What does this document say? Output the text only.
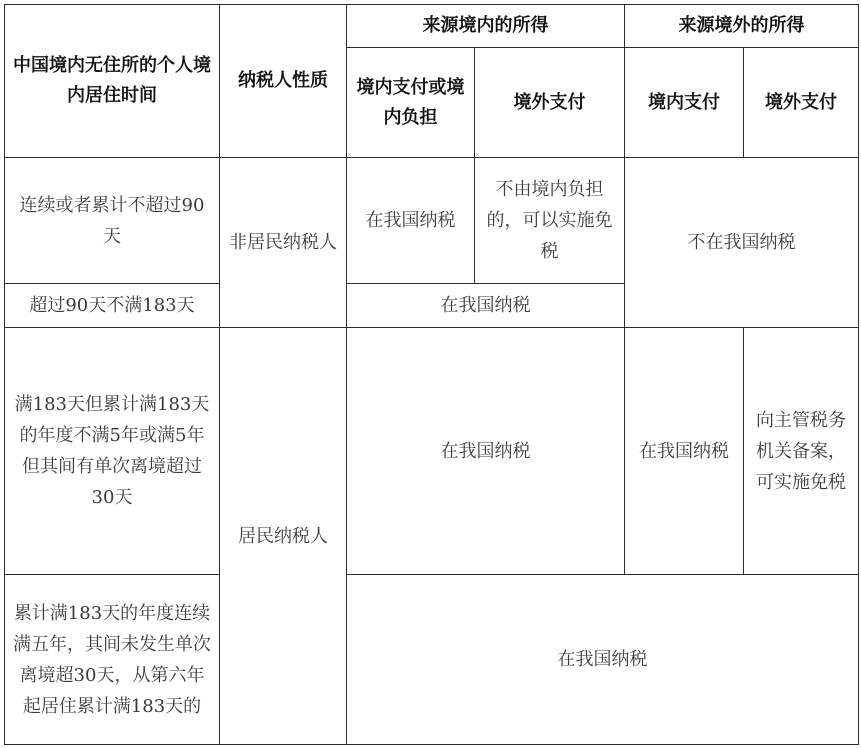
中国境内无住所的个人境内居住时间	纳税人性质	来源境内的所得		来源境外的所得	
		境内支付或境内负担	境外支付	境内支付	境外支付
连续或者累计不超过90天	非居民纳税人	在我国纳税	不由境内负担的，可以实施免税	不在我国纳税	
超过90天不满183天		在我国纳税			
满183天但累计满183天的年度不满5年或满5年但其间有单次离境超过30天	居民纳税人	在我国纳税		在我国纳税	向主管税务机关备案，可实施免税
累计满183天的年度连续满五年，其间未发生单次离境超30天，从第六年起居住累计满183天的		在我国纳税			
